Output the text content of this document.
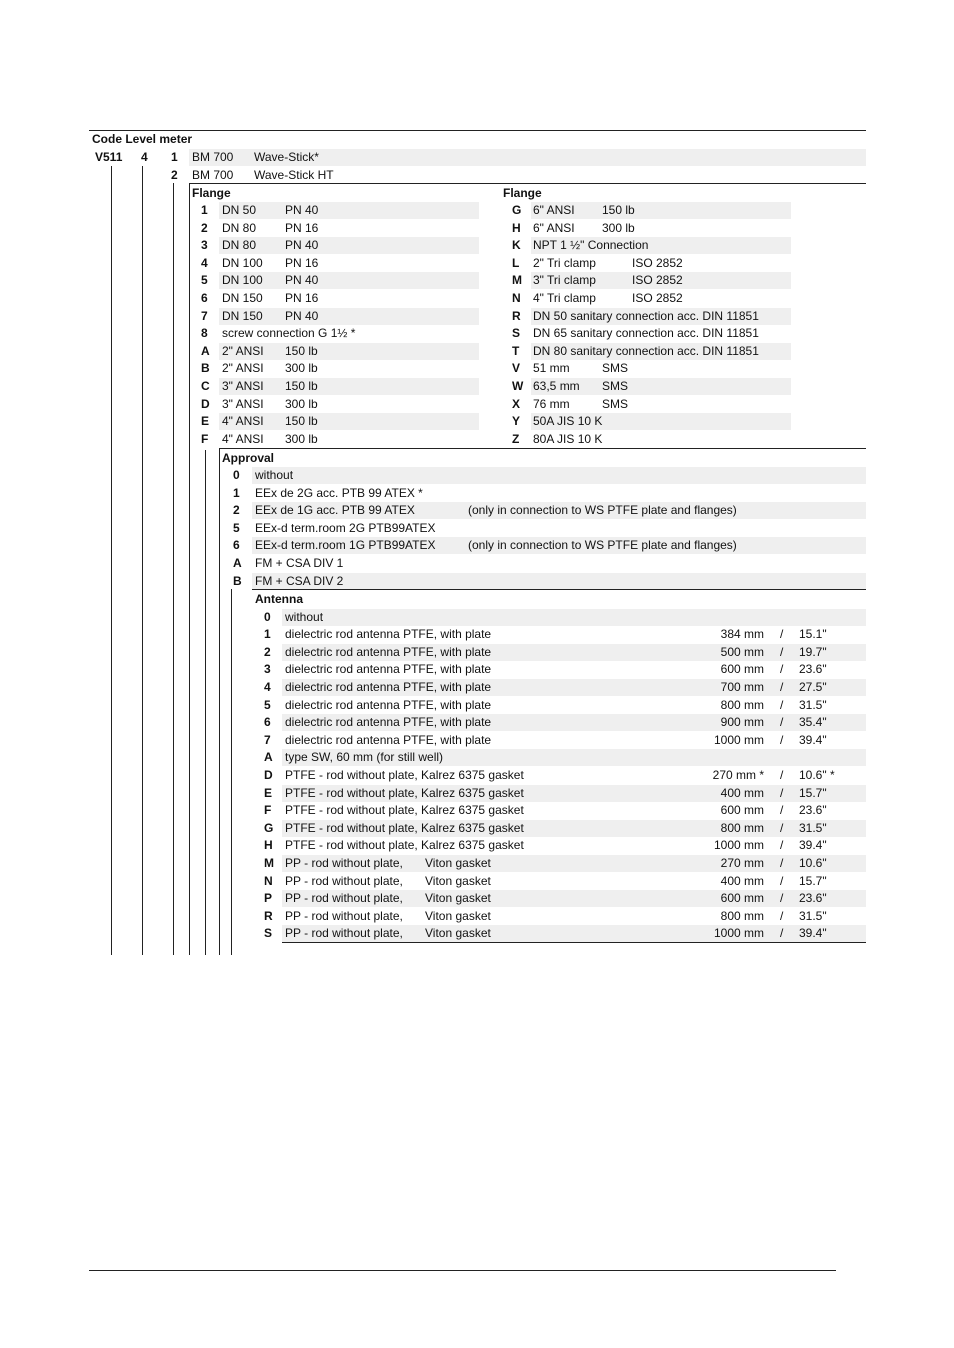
Code Level meter
V511 4 1 BM 700 Wave-Stick*
2 BM 700 Wave-Stick HT
Flange	Flange
1 DN 50 PN 40
2 DN 80 PN 16
3 DN 80 PN 40
4 DN 100 PN 16
5 DN 100 PN 40
6 DN 150 PN 16
7 DN 150 PN 40
8 screw connection G 1½ *
A 2" ANSI 150 lb
B 2" ANSI 300 lb
C 3" ANSI 150 lb
D 3" ANSI 300 lb
E 4" ANSI 150 lb
F 4" ANSI 300 lb
G 6" ANSI 150 lb
H 6" ANSI 300 lb
K NPT 1 ½" Connection
L 2" Tri clamp	ISO 2852
M 3" Tri clamp	ISO 2852
N 4" Tri clamp	ISO 2852
R DN 50 sanitary connection acc. DIN 11851
S DN 65 sanitary connection acc. DIN 11851
T DN 80 sanitary connection acc. DIN 11851
V 51 mm	SMS
W 63,5 mm SMS
X 76 mm	SMS
Y 50A JIS 10 K
Z 80A JIS 10 K
Approval
0 without
1 EEx de 2G acc. PTB 99 ATEX *
2 EEx de 1G acc. PTB 99 ATEX	(only in connection to WS PTFE plate and flanges)
5 EEx-d term.room 2G PTB99ATEX
6 EEx-d term.room 1G PTB99ATEX	(only in connection to WS PTFE plate and flanges)
A FM + CSA DIV 1
B FM + CSA DIV 2
Antenna
0 without
1 dielectric rod antenna PTFE, with plate	384 mm / 15.1"
2 dielectric rod antenna PTFE, with plate	500 mm / 19.7"
3 dielectric rod antenna PTFE, with plate	600 mm / 23.6"
4 dielectric rod antenna PTFE, with plate	700 mm / 27.5"
5 dielectric rod antenna PTFE, with plate	800 mm / 31.5"
6 dielectric rod antenna PTFE, with plate	900 mm / 35.4"
7 dielectric rod antenna PTFE, with plate	1000 mm / 39.4"
A type SW, 60 mm (for still well)
D PTFE - rod without plate, Kalrez 6375 gasket	270 mm * / 10.6" *
E PTFE - rod without plate, Kalrez 6375 gasket	400 mm / 15.7"
F PTFE - rod without plate, Kalrez 6375 gasket	600 mm / 23.6"
G PTFE - rod without plate, Kalrez 6375 gasket	800 mm / 31.5"
H PTFE - rod without plate, Kalrez 6375 gasket	1000 mm / 39.4"
M PP - rod without plate, Viton gasket	270 mm / 10.6"
N PP - rod without plate, Viton gasket	400 mm / 15.7"
P PP - rod without plate, Viton gasket	600 mm / 23.6"
R PP - rod without plate, Viton gasket	800 mm / 31.5"
S PP - rod without plate, Viton gasket	1000 mm / 39.4"
